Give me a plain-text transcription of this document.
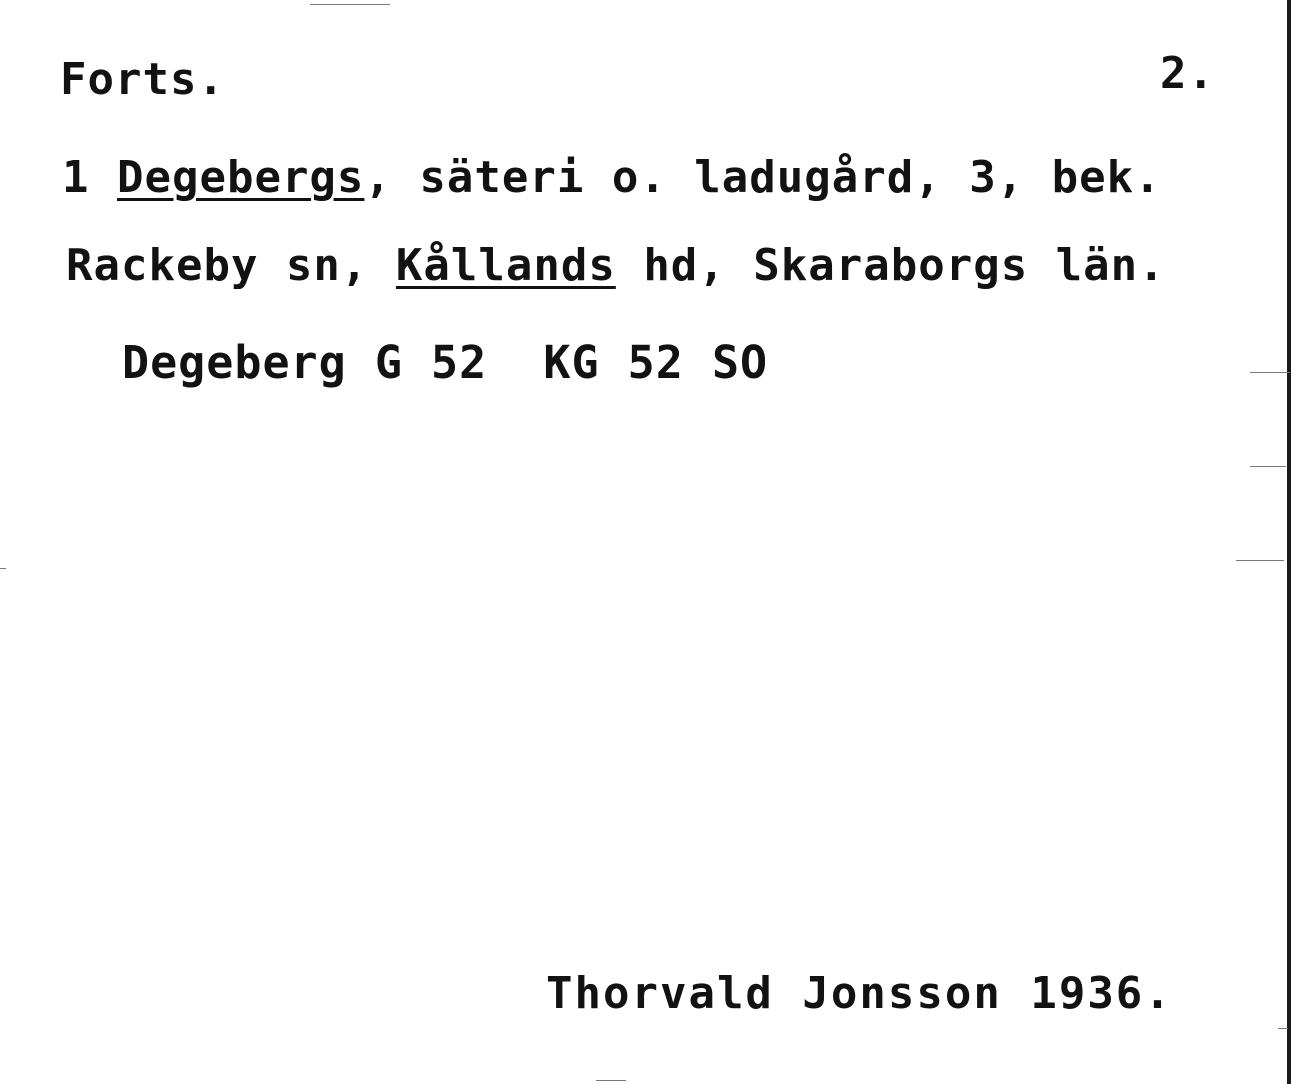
Forts.	2.
1 Degebergs, säteri o. ladugård, 3, bek.
Rackeby sn, Kållands hd, Skaraborgs län.
Degeberg G 52  KG 52 SO
Thorvald Jonsson 1936.
